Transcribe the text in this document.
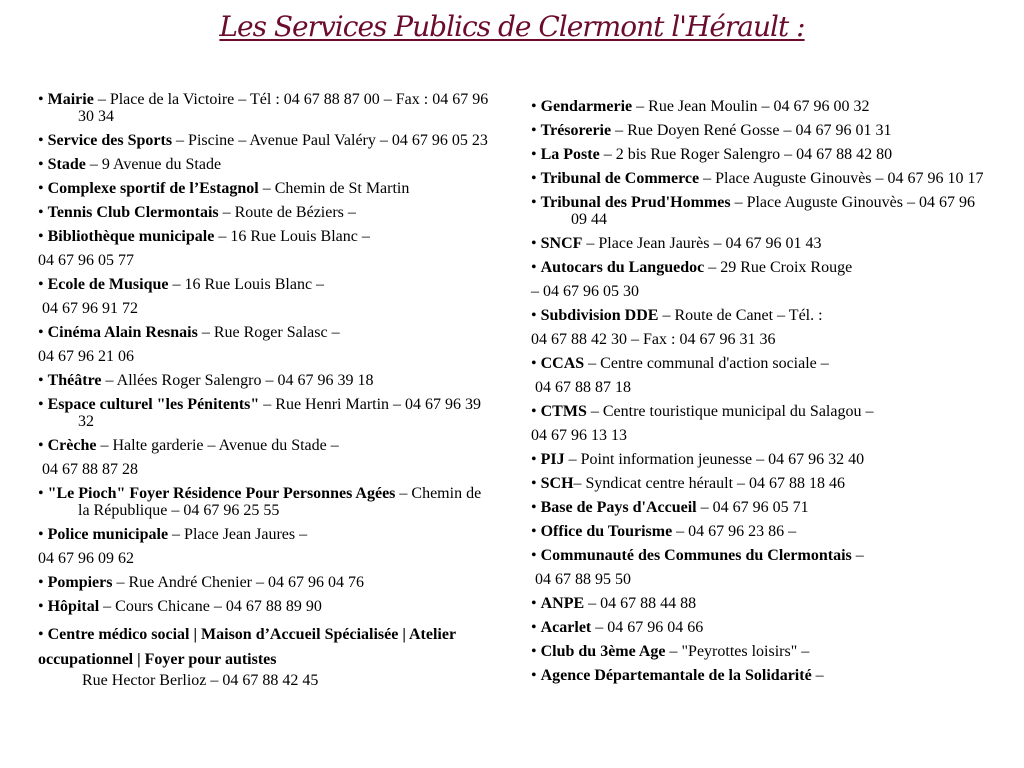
Les Services Publics de Clermont l'Hérault :
• Mairie – Place de la Victoire – Tél : 04 67 88 87 00 – Fax : 04 67 96 30 34
• Service des Sports – Piscine – Avenue Paul Valéry – 04 67 96 05 23
• Stade – 9 Avenue du Stade
• Complexe sportif de l’Estagnol – Chemin de St Martin
• Tennis Club Clermontais – Route de Béziers –
• Bibliothèque municipale – 16 Rue Louis Blanc –
04 67 96 05 77
• Ecole de Musique – 16 Rue Louis Blanc –
04 67 96 91 72
• Cinéma Alain Resnais – Rue Roger Salasc –
04 67 96 21 06
• Théâtre – Allées Roger Salengro – 04 67 96 39 18
• Espace culturel "les Pénitents" – Rue Henri Martin – 04 67 96 39 32
• Crèche – Halte garderie – Avenue du Stade –
04 67 88 87 28
• "Le Pioch" Foyer Résidence Pour Personnes Agées – Chemin de la République – 04 67 96 25 55
• Police municipale – Place Jean Jaures –
04 67 96 09 62
• Pompiers – Rue André Chenier – 04 67 96 04 76
• Hôpital – Cours Chicane – 04 67 88 89 90
• Centre médico social | Maison d’Accueil Spécialisée | Atelier occupationnel | Foyer pour autistes
Rue Hector Berlioz – 04 67 88 42 45
• Gendarmerie – Rue Jean Moulin – 04 67 96 00 32
• Trésorerie – Rue Doyen René Gosse – 04 67 96 01 31
• La Poste – 2 bis Rue Roger Salengro – 04 67 88 42 80
• Tribunal de Commerce – Place Auguste Ginouvès – 04 67 96 10 17
• Tribunal des Prud'Hommes – Place Auguste Ginouvès – 04 67 96 09 44
• SNCF – Place Jean Jaurès – 04 67 96 01 43
• Autocars du Languedoc – 29 Rue Croix Rouge
– 04 67 96 05 30
• Subdivision DDE – Route de Canet – Tél. :
04 67 88 42 30 – Fax : 04 67 96 31 36
• CCAS – Centre communal d'action sociale –
04 67 88 87 18
• CTMS – Centre touristique municipal du Salagou –
04 67 96 13 13
• PIJ – Point information jeunesse – 04 67 96 32 40
• SCH– Syndicat centre hérault – 04 67 88 18 46
• Base de Pays d'Accueil – 04 67 96 05 71
• Office du Tourisme – 04 67 96 23 86 –
• Communauté des Communes du Clermontais –
04 67 88 95 50
• ANPE – 04 67 88 44 88
• Acarlet – 04 67 96 04 66
• Club du 3ème Age – "Peyrottes loisirs" –
• Agence Départemantale de la Solidarité –
